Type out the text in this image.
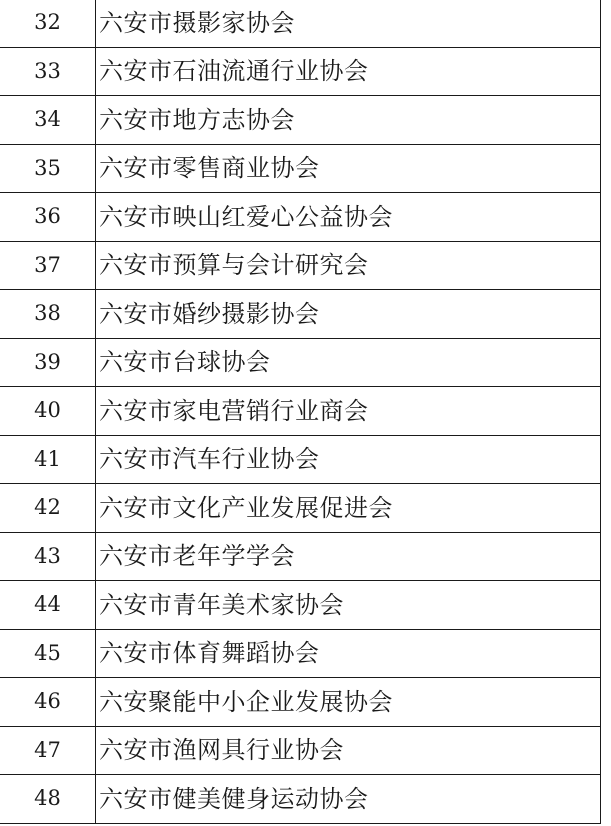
32	六安市摄影家协会
33	六安市石油流通行业协会
34	六安市地方志协会
35	六安市零售商业协会
36	六安市映山红爱心公益协会
37	六安市预算与会计研究会
38	六安市婚纱摄影协会
39	六安市台球协会
40	六安市家电营销行业商会
41	六安市汽车行业协会
42	六安市文化产业发展促进会
43	六安市老年学学会
44	六安市青年美术家协会
45	六安市体育舞蹈协会
46	六安聚能中小企业发展协会
47	六安市渔网具行业协会
48	六安市健美健身运动协会
